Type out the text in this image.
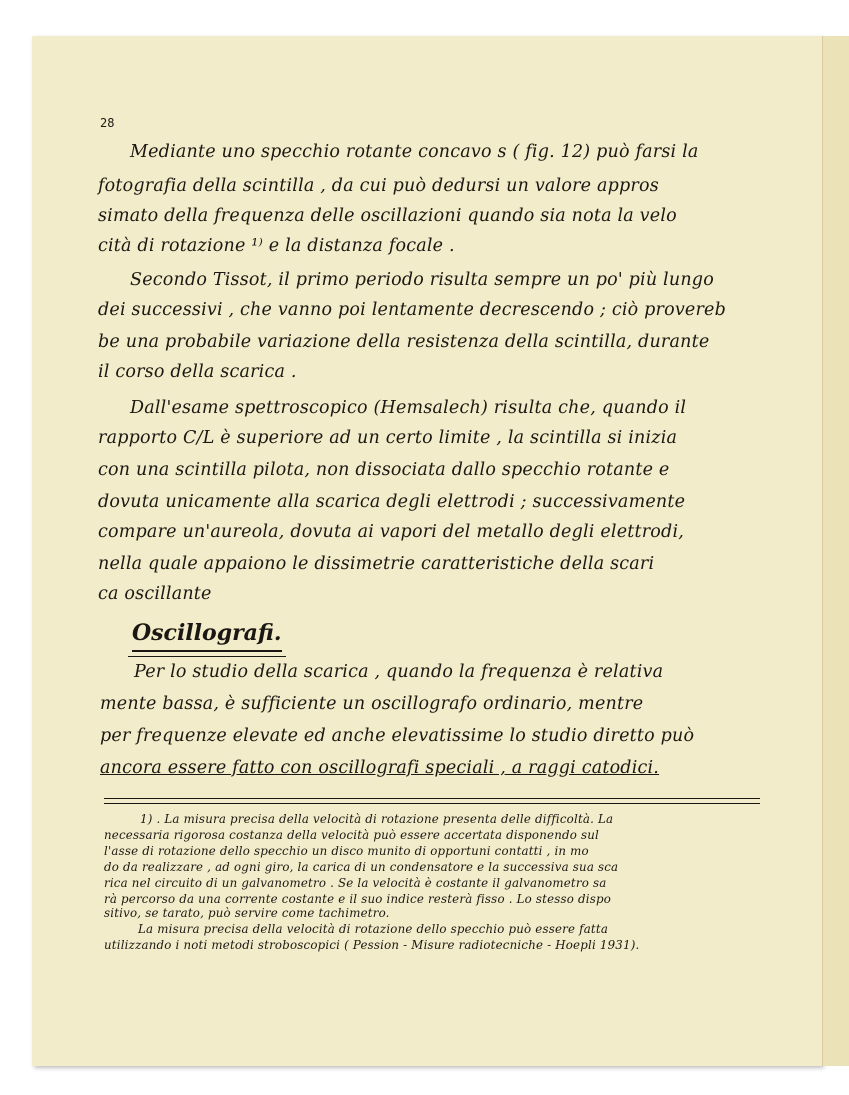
28

Mediante uno specchio rotante concavo s ( fig. 12) può farsi la

fotografia della scintilla , da cui può dedursi un valore appros

simato della frequenza delle oscillazioni quando sia nota la velo

cità di rotazione ¹⁾ e la distanza focale .

Secondo Tissot, il primo periodo risulta sempre un po' più lungo

dei successivi , che vanno poi lentamente decrescendo ; ciò provereb

be una probabile variazione della resistenza della scintilla, durante

il corso della scarica .

Dall'esame spettroscopico (Hemsalech) risulta che, quando il

rapporto C/L è superiore ad un certo limite , la scintilla si inizia

con una scintilla pilota, non dissociata dallo specchio rotante e

dovuta unicamente alla scarica degli elettrodi ; successivamente

compare un'aureola, dovuta ai vapori del metallo degli elettrodi,

nella quale appaiono le dissimetrie caratteristiche della scari

ca oscillante

Oscillografi.

Per lo studio della scarica , quando la frequenza è relativa

mente bassa, è sufficiente un oscillografo ordinario, mentre

per frequenze elevate ed anche elevatissime lo studio diretto può

ancora essere fatto con oscillografi speciali , a raggi catodici.

1) . La misura precisa della velocità di rotazione presenta delle difficoltà. La

necessaria rigorosa costanza della velocità può essere accertata disponendo sul

l'asse di rotazione dello specchio un disco munito di opportuni contatti , in mo

do da realizzare , ad ogni giro, la carica di un condensatore e la successiva sua sca

rica nel circuito di un galvanometro . Se la velocità è costante il galvanometro sa

rà percorso da una corrente costante e il suo indice resterà fisso . Lo stesso dispo

sitivo, se tarato, può servire come tachimetro.

La misura precisa della velocità di rotazione dello specchio può essere fatta

utilizzando i noti metodi stroboscopici ( Pession - Misure radiotecniche - Hoepli 1931).
